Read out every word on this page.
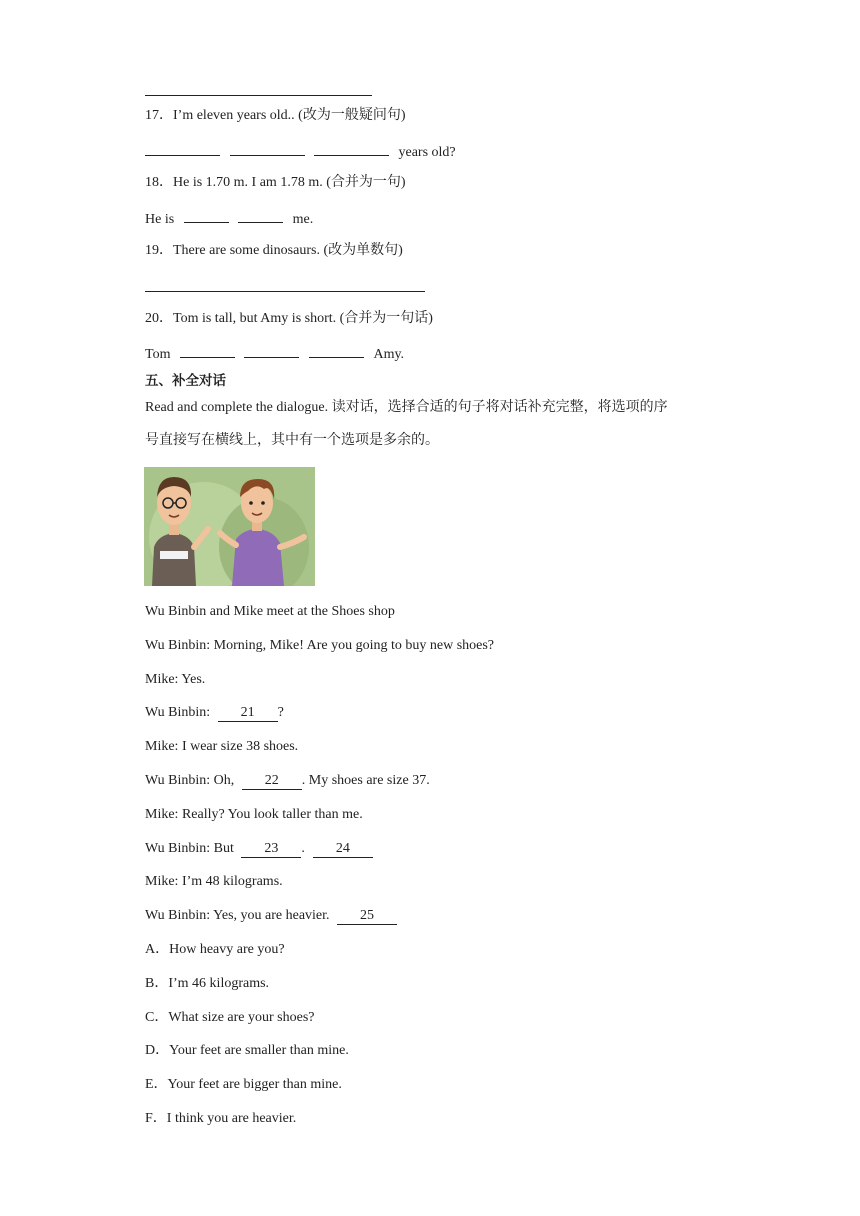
17．I’m eleven years old.. (改为一般疑问句)
years old?
18．He is 1.70 m. I am 1.78 m. (合并为一句)
He is	me.
19．There are some dinosaurs. (改为单数句)
20．Tom is tall, but Amy is short. (合并为一句话)
Tom	Amy.
五、补全对话
Read and complete the dialogue. 读对话，选择合适的句子将对话补充完整，将选项的序
号直接写在横线上，其中有一个选项是多余的。
Wu Binbin and Mike meet at the Shoes shop
Wu Binbin: Morning, Mike! Are you going to buy new shoes?
Mike: Yes.
Wu Binbin: 21 ?
Mike: I wear size 38 shoes.
Wu Binbin: Oh, 22 . My shoes are size 37.
Mike: Really? You look taller than me.
Wu Binbin: But 23 . 24
Mike: I’m 48 kilograms.
Wu Binbin: Yes, you are heavier. 25
A．How heavy are you?
B．I’m 46 kilograms.
C．What size are your shoes?
D．Your feet are smaller than mine.
E．Your feet are bigger than mine.
F．I think you are heavier.
